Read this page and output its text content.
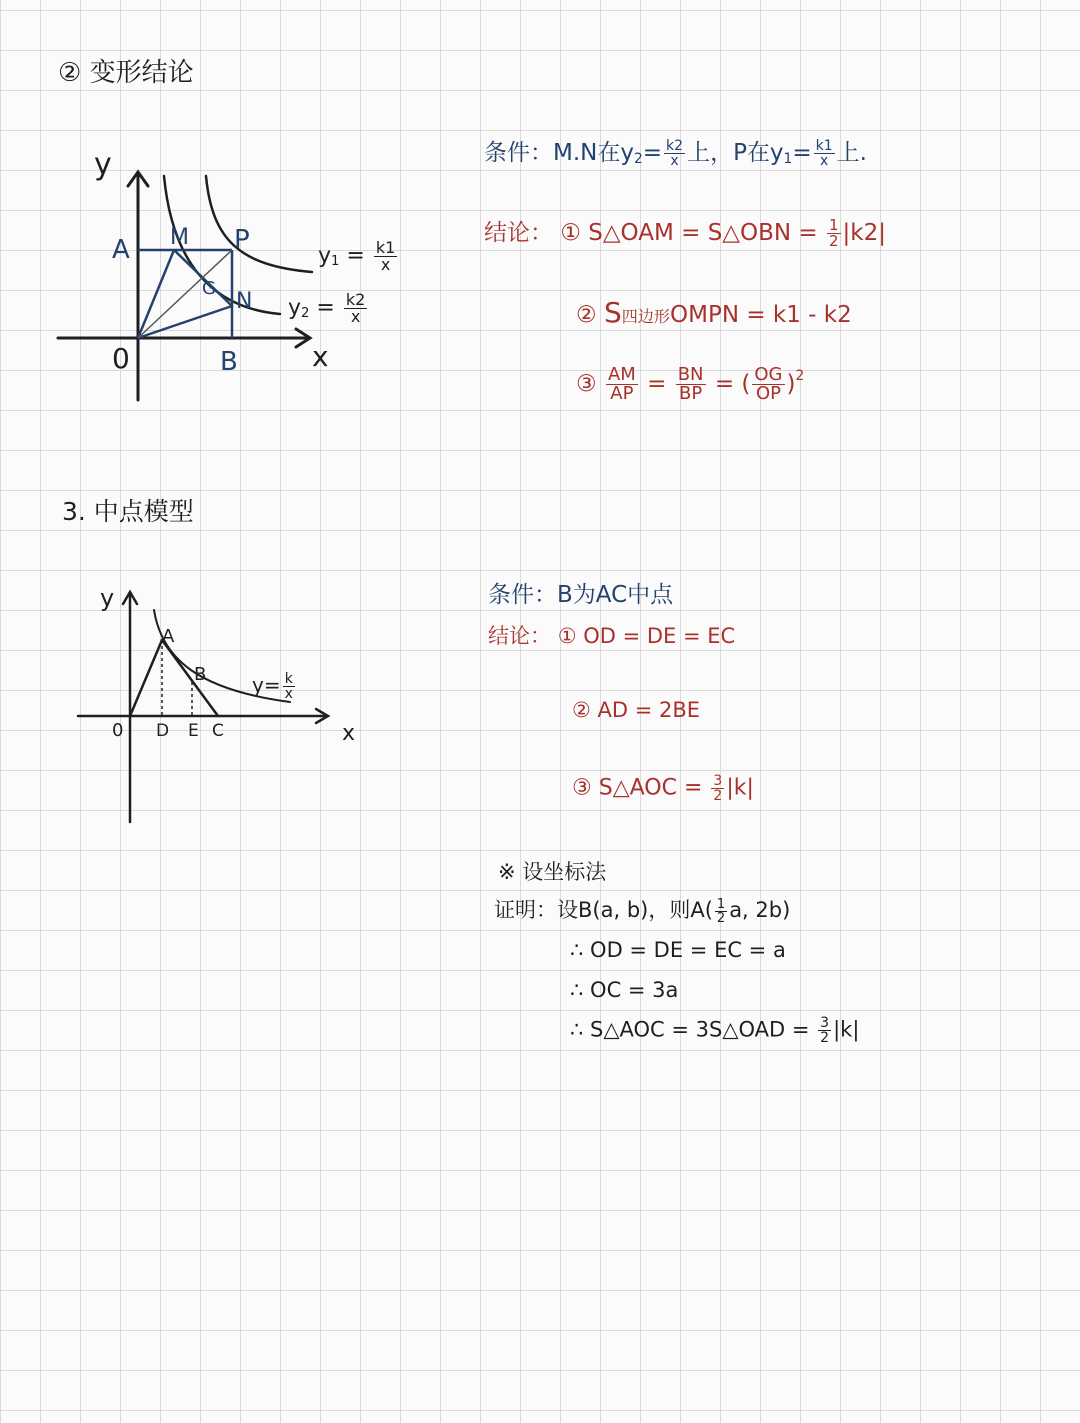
② 变形结论
y
x
0
A M P
G
N
B
$y_1 = \frac{k1}{x}$
$y_2 = \frac{k2}{x}$
条件：M.N在$y2= \frac{k2}{x}$ 上，P在$y1= \frac{k1}{x}$ 上.
结论： ① S△OAM = S△OBN = $\frac{1}{2} |k2|$
② S四边形OMPN = k1 - k2
③ $\frac{AM}{AP} = \frac{BN}{BP}$ = ( $\frac{OG}{OP} )^2$
3. 中点模型
y
x
0
A
B
D E C
$y= \frac{k}{x}$
条件：B为AC中点
结论： ① OD = DE = EC
② AD = 2BE
③ S△AOC = $\frac{3}{2} |k|$
※ 设坐标法
证明：设B(a, b)，则$A( \frac{1}{2} a$, 2b)
∴ OD = DE = EC = a
∴ OC = 3a
∴ S△AOC = 3S△OAD = $\frac{3}{2} |k|$
